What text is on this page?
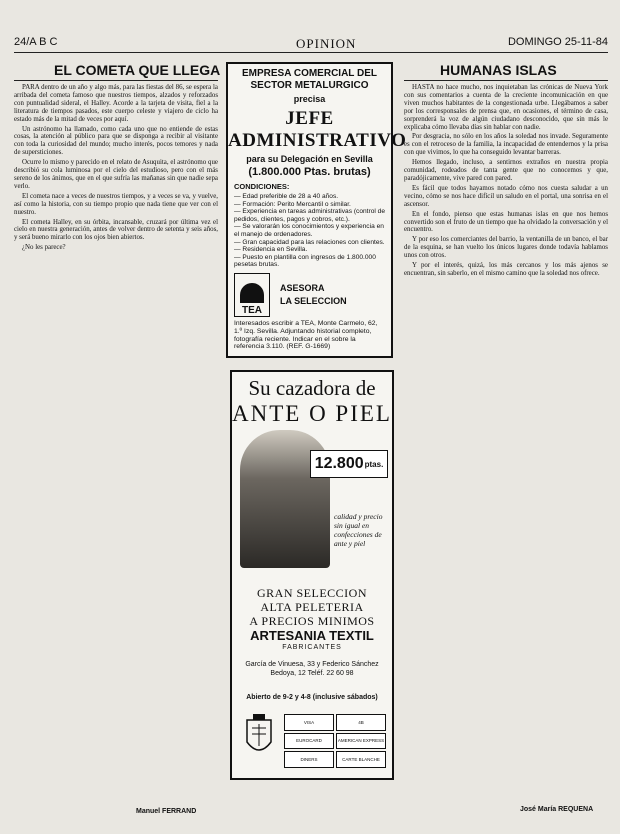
24/A B C	OPINION	DOMINGO 25-11-84
EL COMETA QUE LLEGA

PARA dentro de un año y algo más, para las fiestas del 86, se espera la arribada del cometa famoso que nuestros tiempos, alzados y reforzados con puntualidad sideral, el Halley. Acorde a la tarjeta de visita, fiel a la literatura de tiempos pasados, este cuerpo celeste y viajero de ciclo ha estado más de la mitad de veces por aquí.

Un astrónomo ha llamado, como cada uno que no entiende de estas cosas, la atención al público para que se disponga a recibir al visitante con toda la curiosidad del mundo; mucho interés, pocos temores y nada de supersticiones.

Ocurre lo mismo y parecido en el relato de Asuquita, el astrónomo que describió su cola luminosa por el cielo del estudioso, pero con el más sereno de los ánimos, que en el que sufría las mañanas sin que nadie sepa verlo.

El cometa nace a veces de nuestros tiempos, y a veces se va, y vuelve, así como la historia, con su tiempo propio que nada tiene que ver con el nuestro.

El cometa Halley, en su órbita, incansable, cruzará por última vez el cielo en nuestra generación, antes de volver dentro de setenta y seis años, y será bueno mirarlo con los ojos bien abiertos.

¿No les parece?

Manuel FERRAND
EMPRESA COMERCIAL DEL SECTOR METALURGICO
precisa
JEFE ADMINISTRATIVO
para su Delegación en Sevilla
(1.800.000 Ptas. brutas)
CONDICIONES:
— Edad preferible de 28 a 40 años.
— Formación: Perito Mercantil o similar.
— Experiencia en tareas administrativas (control de pedidos, clientes, pagos y cobros, etc.).
— Se valorarán los conocimientos y experiencia en el manejo de ordenadores.
— Gran capacidad para las relaciones con clientes.
— Residencia en Sevilla.
— Puesto en plantilla con ingresos de 1.800.000 pesetas brutas.
TEA
ASESORA
LA SELECCION
Interesados escribir a TEA, Monte Carmelo, 62, 1.º Izq. Sevilla. Adjuntando historial completo, fotografía reciente. Indicar en el sobre la referencia 3.110. (REF. G-1669)
Su cazadora de
ANTE O PIEL
12.800 ptas.
calidad y precio sin igual en confecciones de ante y piel
GRAN SELECCION
ALTA PELETERIA
A PRECIOS MINIMOS
ARTESANIA TEXTIL
FABRICANTES
García de Vinuesa, 33 y Federico Sánchez Bedoya, 12 Teléf. 22 60 98
Abierto de 9-2 y 4-8 (inclusive sábados)
VISA	4B
EUROCARD	AMERICAN EXPRESS
DINERS	CARTE BLANCHE
HUMANAS ISLAS

HASTA no hace mucho, nos inquietaban las crónicas de Nueva York con sus comentarios a cuenta de la creciente incomunicación en que viven muchos habitantes de la congestionada urbe. Llegábamos a saber por los corresponsales de prensa que, en ocasiones, el término de casa, sorprenderá la voz de algún ciudadano desconocido, que sin más le explicaba cómo llevaba días sin hablar con nadie.

Por desgracia, no sólo en los años la soledad nos invade. Seguramente es con el retroceso de la familia, la incapacidad de entendernos y la prisa con que vivimos, lo que ha conseguido levantar barreras.

Hemos llegado, incluso, a sentirnos extraños en nuestra propia comunidad, rodeados de tanta gente que no conocemos y que, paradójicamente, vive pared con pared.

Es fácil que todos hayamos notado cómo nos cuesta saludar a un vecino, cómo se nos hace difícil un saludo en el portal, una sonrisa en el ascensor.

En el fondo, pienso que estas humanas islas en que nos hemos convertido son el fruto de un tiempo que ha olvidado la conversación y el encuentro.

Y por eso los comerciantes del barrio, la ventanilla de un banco, el bar de la esquina, se han vuelto los únicos lugares donde todavía hablamos unos con otros.

Y por el interés, quizá, los más cercanos y los más ajenos se encuentran, sin saberlo, en el mismo camino que la soledad nos ofrece.

José María REQUENA
